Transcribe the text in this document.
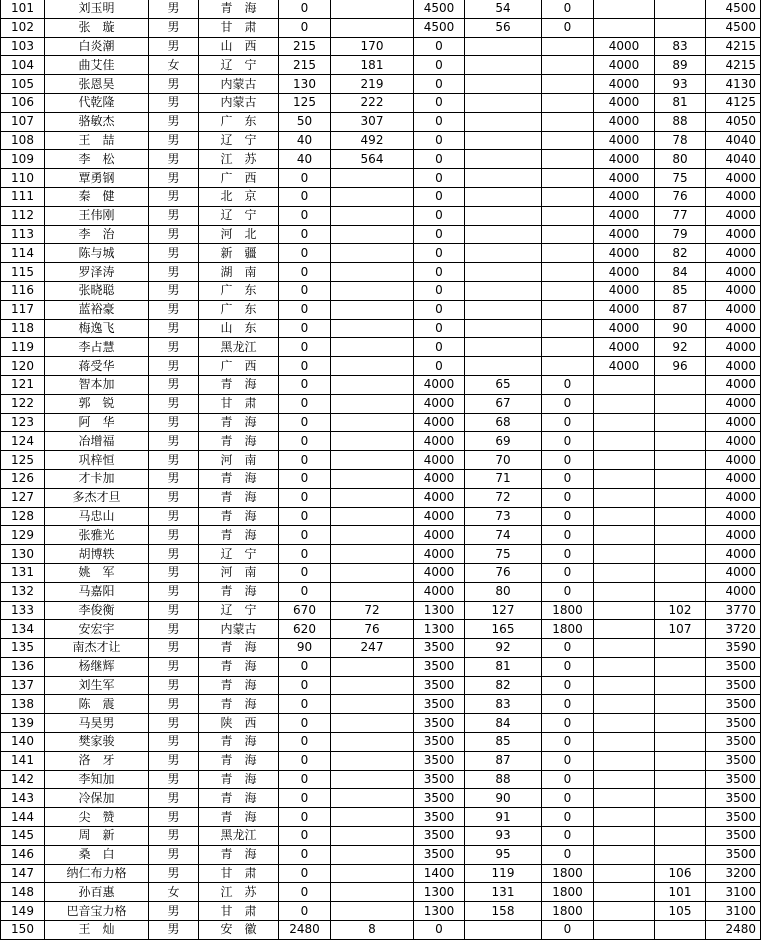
101	刘玉明	男	青　海	0		4500	54	0			4500
102	张　璇	男	甘　肃	0		4500	56	0			4500
103	白炎潮	男	山　西	215	170	0			4000	83	4215
104	曲艾佳	女	辽　宁	215	181	0			4000	89	4215
105	张恩昊	男	内蒙古	130	219	0			4000	93	4130
106	代乾隆	男	内蒙古	125	222	0			4000	81	4125
107	骆敏杰	男	广　东	50	307	0			4000	88	4050
108	王　喆	男	辽　宁	40	492	0			4000	78	4040
109	李　松	男	江　苏	40	564	0			4000	80	4040
110	覃勇钢	男	广　西	0		0			4000	75	4000
111	秦　健	男	北　京	0		0			4000	76	4000
112	王伟刚	男	辽　宁	0		0			4000	77	4000
113	李　治	男	河　北	0		0			4000	79	4000
114	陈与城	男	新　疆	0		0			4000	82	4000
115	罗泽涛	男	湖　南	0		0			4000	84	4000
116	张晓聪	男	广　东	0		0			4000	85	4000
117	蓝裕豪	男	广　东	0		0			4000	87	4000
118	梅逸飞	男	山　东	0		0			4000	90	4000
119	李占慧	男	黑龙江	0		0			4000	92	4000
120	蒋受华	男	广　西	0		0			4000	96	4000
121	智本加	男	青　海	0		4000	65	0			4000
122	郭　锐	男	甘　肃	0		4000	67	0			4000
123	阿　华	男	青　海	0		4000	68	0			4000
124	冶增福	男	青　海	0		4000	69	0			4000
125	巩梓恒	男	河　南	0		4000	70	0			4000
126	才卡加	男	青　海	0		4000	71	0			4000
127	多杰才旦	男	青　海	0		4000	72	0			4000
128	马忠山	男	青　海	0		4000	73	0			4000
129	张雅光	男	青　海	0		4000	74	0			4000
130	胡博轶	男	辽　宁	0		4000	75	0			4000
131	姚　军	男	河　南	0		4000	76	0			4000
132	马嘉阳	男	青　海	0		4000	80	0			4000
133	李俊衡	男	辽　宁	670	72	1300	127	1800		102	3770
134	安宏宇	男	内蒙古	620	76	1300	165	1800		107	3720
135	南杰才让	男	青　海	90	247	3500	92	0			3590
136	杨继辉	男	青　海	0		3500	81	0			3500
137	刘生军	男	青　海	0		3500	82	0			3500
138	陈　震	男	青　海	0		3500	83	0			3500
139	马昊男	男	陕　西	0		3500	84	0			3500
140	樊家骏	男	青　海	0		3500	85	0			3500
141	洛　牙	男	青　海	0		3500	87	0			3500
142	李知加	男	青　海	0		3500	88	0			3500
143	冷保加	男	青　海	0		3500	90	0			3500
144	尖　赞	男	青　海	0		3500	91	0			3500
145	周　新	男	黑龙江	0		3500	93	0			3500
146	桑　白	男	青　海	0		3500	95	0			3500
147	纳仁布力格	男	甘　肃	0		1400	119	1800		106	3200
148	孙百惠	女	江　苏	0		1300	131	1800		101	3100
149	巴音宝力格	男	甘　肃	0		1300	158	1800		105	3100
150	王　灿	男	安　徽	2480	8	0		0			2480
